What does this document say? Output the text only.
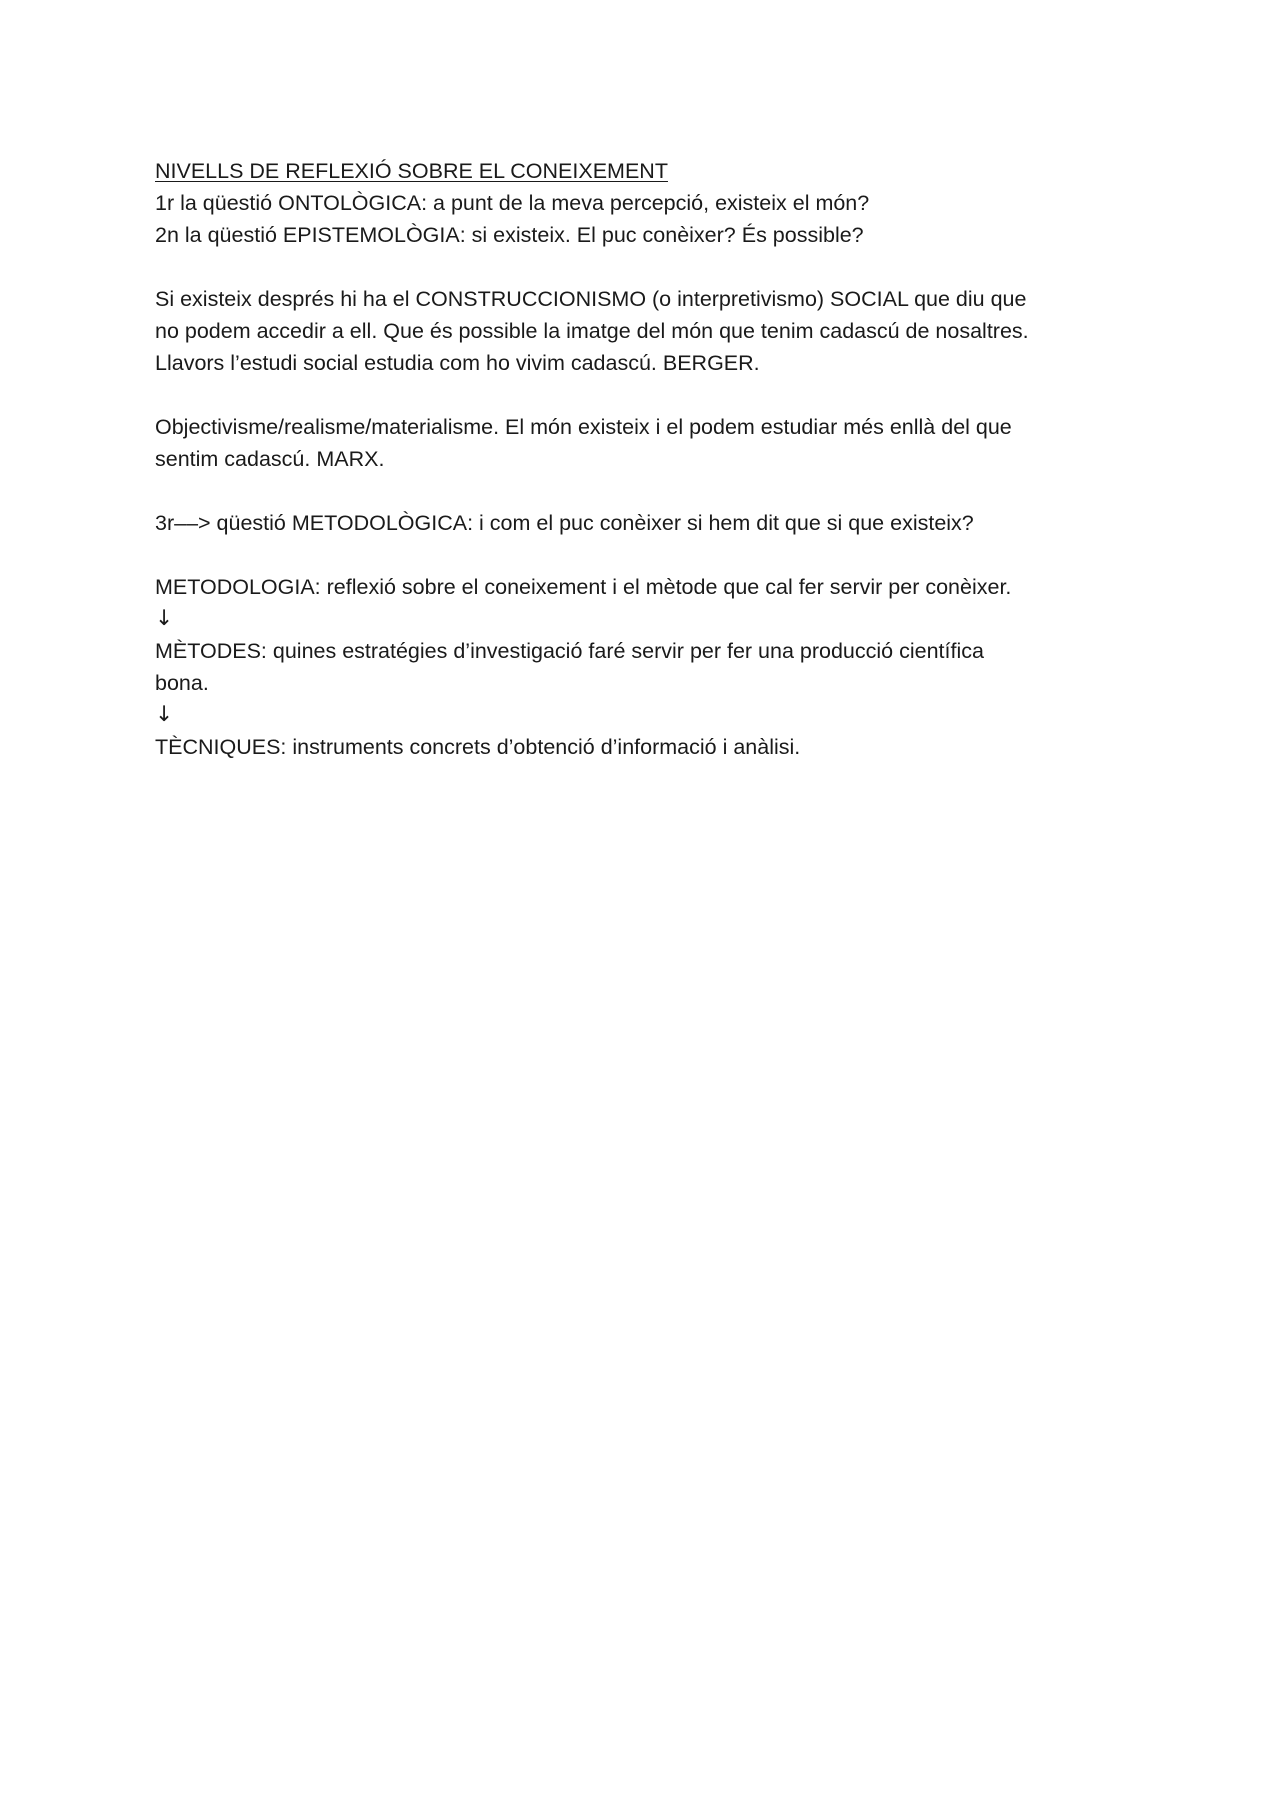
NIVELLS DE REFLEXIÓ SOBRE EL CONEIXEMENT

1r la qüestió ONTOLÒGICA: a punt de la meva percepció, existeix el món?

2n la qüestió EPISTEMOLÒGIA: si existeix. El puc conèixer? És possible?

Si existeix després hi ha el CONSTRUCCIONISMO (o interpretivismo) SOCIAL que diu que

no podem accedir a ell. Que és possible la imatge del món que tenim cadascú de nosaltres.

Llavors l’estudi social estudia com ho vivim cadascú. BERGER.

Objectivisme/realisme/materialisme. El món existeix i el podem estudiar més enllà del que

sentim cadascú. MARX.

3r––> qüestió METODOLÒGICA: i com el puc conèixer si hem dit que si que existeix?

METODOLOGIA: reflexió sobre el coneixement i el mètode que cal fer servir per conèixer.

↓

MÈTODES: quines estratégies d’investigació faré servir per fer una producció científica

bona.

↓

TÈCNIQUES: instruments concrets d’obtenció d’informació i anàlisi.
